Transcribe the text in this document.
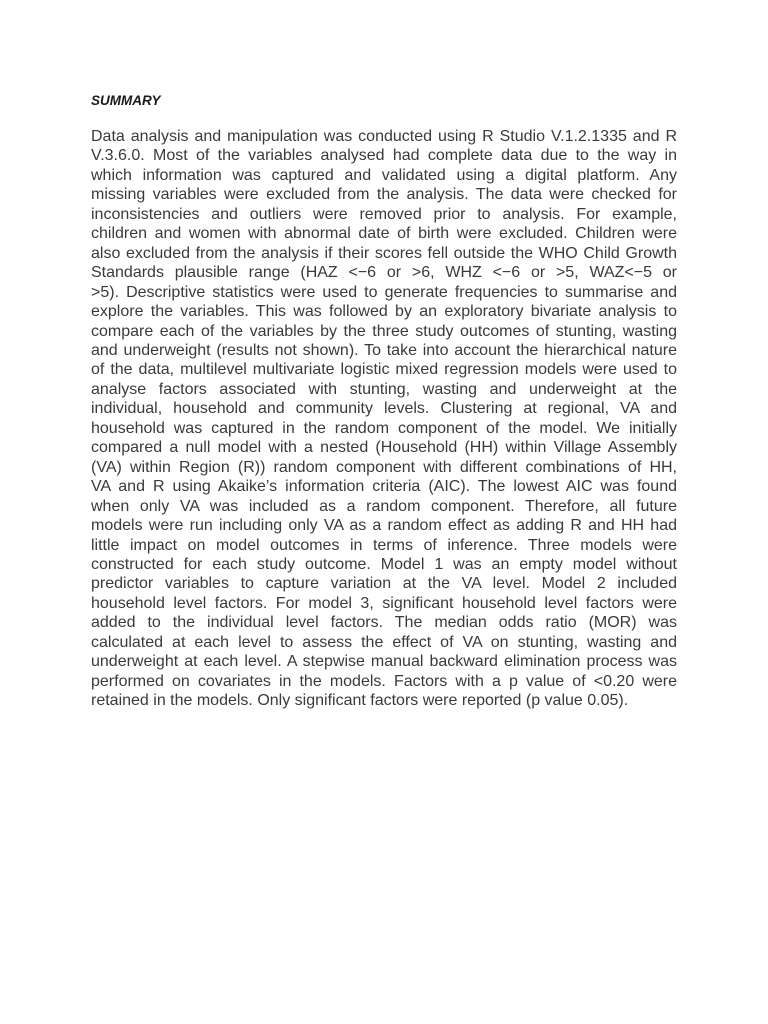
SUMMARY
Data analysis and manipulation was conducted using R Studio V.1.2.1335 and R
V.3.6.0. Most of the variables analysed had complete data due to the way in
which information was captured and validated using a digital platform. Any
missing variables were excluded from the analysis. The data were checked for
inconsistencies and outliers were removed prior to analysis. For example,
children and women with abnormal date of birth were excluded. Children were
also excluded from the analysis if their scores fell outside the WHO Child Growth
Standards plausible range (HAZ <−6 or >6, WHZ <−6 or >5, WAZ<−5 or
>5). Descriptive statistics were used to generate frequencies to summarise and
explore the variables. This was followed by an exploratory bivariate analysis to
compare each of the variables by the three study outcomes of stunting, wasting
and underweight (results not shown). To take into account the hierarchical nature
of the data, multilevel multivariate logistic mixed regression models were used to
analyse factors associated with stunting, wasting and underweight at the
individual, household and community levels. Clustering at regional, VA and
household was captured in the random component of the model. We initially
compared a null model with a nested (Household (HH) within Village Assembly
(VA) within Region (R)) random component with different combinations of HH,
VA and R using Akaike’s information criteria (AIC). The lowest AIC was found
when only VA was included as a random component. Therefore, all future
models were run including only VA as a random effect as adding R and HH had
little impact on model outcomes in terms of inference. Three models were
constructed for each study outcome. Model 1 was an empty model without
predictor variables to capture variation at the VA level. Model 2 included
household level factors. For model 3, significant household level factors were
added to the individual level factors. The median odds ratio (MOR) was
calculated at each level to assess the effect of VA on stunting, wasting and
underweight at each level. A stepwise manual backward elimination process was
performed on covariates in the models. Factors with a p value of <0.20 were
retained in the models. Only significant factors were reported (p value 0.05).
